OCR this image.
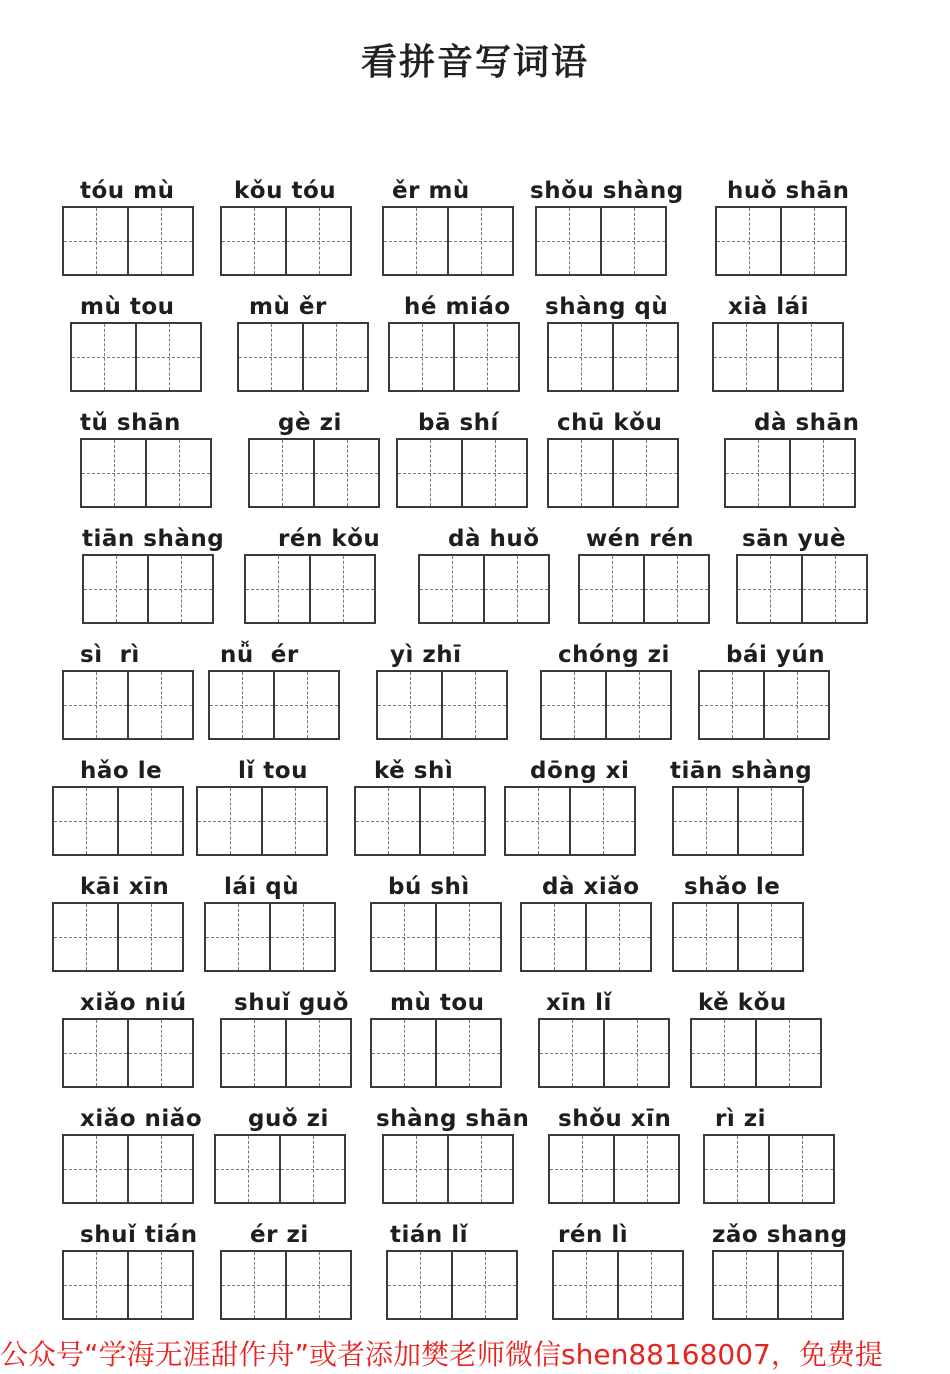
看拼音写词语
tóu mù	kǒu tóu	ěr mù	shǒu shàng	huǒ shān
mù tou	mù ěr	hé miáo	shàng qù	xià lái
tǔ shān	gè zi	bā shí	chū kǒu	dà shān
tiān shàng	rén kǒu	dà huǒ	wén rén	sān yuè
sì  rì	nǚ  ér	yì zhī	chóng zi	bái yún
hǎo le	lǐ tou	kě shì	dōng xi	tiān shàng
kāi xīn	lái qù	bú shì	dà xiǎo	shǎo le
xiǎo niú	shuǐ guǒ	mù tou	xīn lǐ	kě kǒu
xiǎo niǎo	guǒ zi	shàng shān	shǒu xīn	rì zi
shuǐ tián	ér zi	tián lǐ	rén lì	zǎo shang
公众号“学海无涯甜作舟”或者添加樊老师微信shen88168007，免费提
